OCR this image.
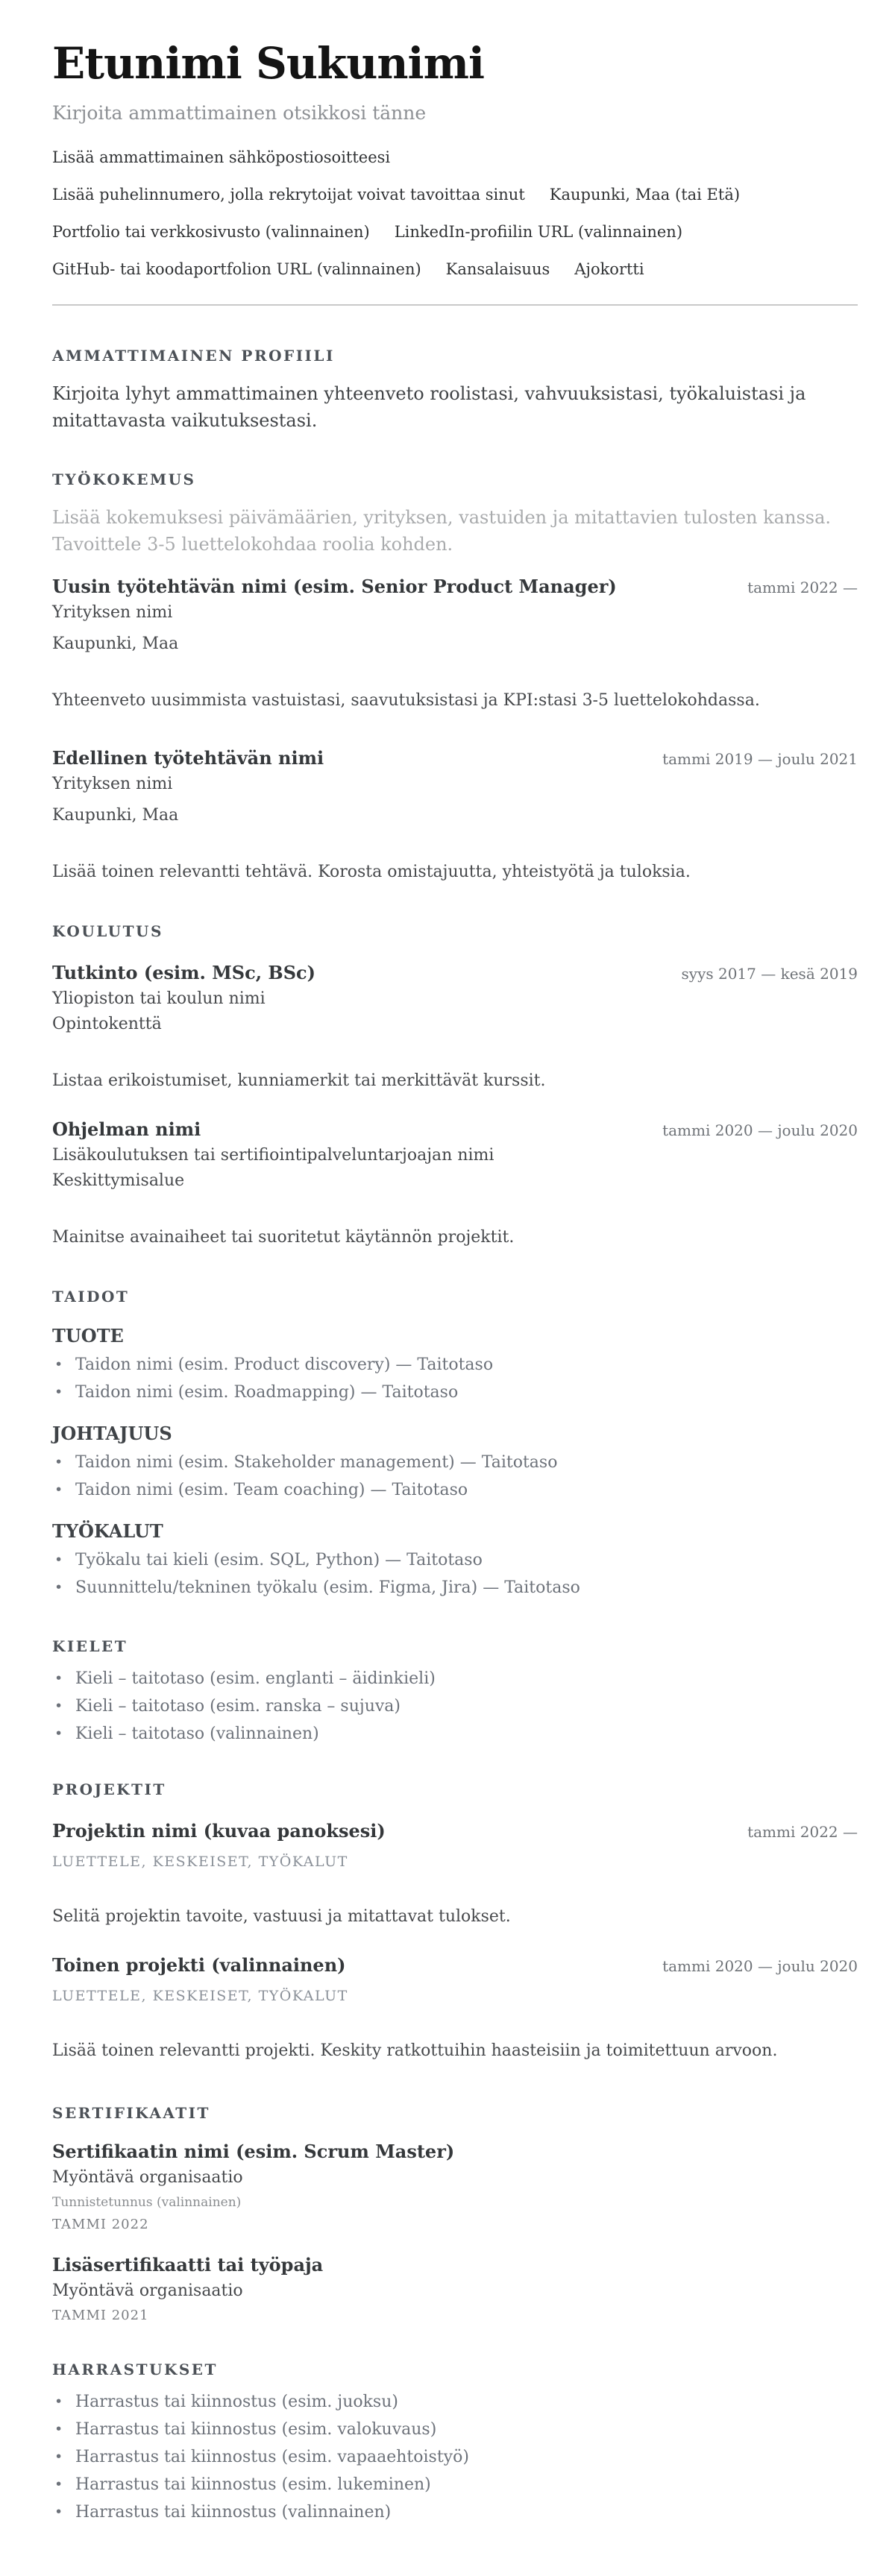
Etunimi Sukunimi
Kirjoita ammattimainen otsikkosi tänne
Lisää ammattimainen sähköpostiosoitteesi
Lisää puhelinnumero, jolla rekrytoijat voivat tavoittaa sinut Kaupunki, Maa (tai Etä)
Portfolio tai verkkosivusto (valinnainen) LinkedIn-profiilin URL (valinnainen)
GitHub- tai koodaportfolion URL (valinnainen) Kansalaisuus Ajokortti
AMMATTIMAINEN PROFIILI

Kirjoita lyhyt ammattimainen yhteenveto roolistasi, vahvuuksistasi, työkaluistasi ja mitattavasta vaikutuksestasi.

TYÖKOKEMUS

Lisää kokemuksesi päivämäärien, yrityksen, vastuiden ja mitattavien tulosten kanssa. Tavoittele 3-5 luettelokohdaa roolia kohden.

Uusin työtehtävän nimi (esim. Senior Product Manager)	tammi 2022 —
Yrityksen nimi
Kaupunki, Maa
Yhteenveto uusimmista vastuistasi, saavutuksistasi ja KPI:stasi 3-5 luettelokohdassa.
Edellinen työtehtävän nimi	tammi 2019 — joulu 2021
Yrityksen nimi
Kaupunki, Maa
Lisää toinen relevantti tehtävä. Korosta omistajuutta, yhteistyötä ja tuloksia.
KOULUTUS
Tutkinto (esim. MSc, BSc)	syys 2017 — kesä 2019
Yliopiston tai koulun nimi
Opintokenttä
Listaa erikoistumiset, kunniamerkit tai merkittävät kurssit.
Ohjelman nimi	tammi 2020 — joulu 2020
Lisäkoulutuksen tai sertifiointipalveluntarjoajan nimi
Keskittymisalue
Mainitse avainaiheet tai suoritetut käytännön projektit.
TAIDOT
TUOTE
• Taidon nimi (esim. Product discovery) — Taitotaso
• Taidon nimi (esim. Roadmapping) — Taitotaso
JOHTAJUUS
• Taidon nimi (esim. Stakeholder management) — Taitotaso
• Taidon nimi (esim. Team coaching) — Taitotaso
TYÖKALUT
• Työkalu tai kieli (esim. SQL, Python) — Taitotaso
• Suunnittelu/tekninen työkalu (esim. Figma, Jira) — Taitotaso
KIELET
• Kieli – taitotaso (esim. englanti – äidinkieli)
• Kieli – taitotaso (esim. ranska – sujuva)
• Kieli – taitotaso (valinnainen)
PROJEKTIT
Projektin nimi (kuvaa panoksesi)	tammi 2022 —
LUETTELE, KESKEISET, TYÖKALUT
Selitä projektin tavoite, vastuusi ja mitattavat tulokset.
Toinen projekti (valinnainen)	tammi 2020 — joulu 2020
LUETTELE, KESKEISET, TYÖKALUT
Lisää toinen relevantti projekti. Keskity ratkottuihin haasteisiin ja toimitettuun arvoon.
SERTIFIKAATIT
Sertifikaatin nimi (esim. Scrum Master)
Myöntävä organisaatio
Tunnistetunnus (valinnainen)
TAMMI 2022
Lisäsertifikaatti tai työpaja
Myöntävä organisaatio
TAMMI 2021
HARRASTUKSET
• Harrastus tai kiinnostus (esim. juoksu)
• Harrastus tai kiinnostus (esim. valokuvaus)
• Harrastus tai kiinnostus (esim. vapaaehtoistyö)
• Harrastus tai kiinnostus (esim. lukeminen)
• Harrastus tai kiinnostus (valinnainen)
